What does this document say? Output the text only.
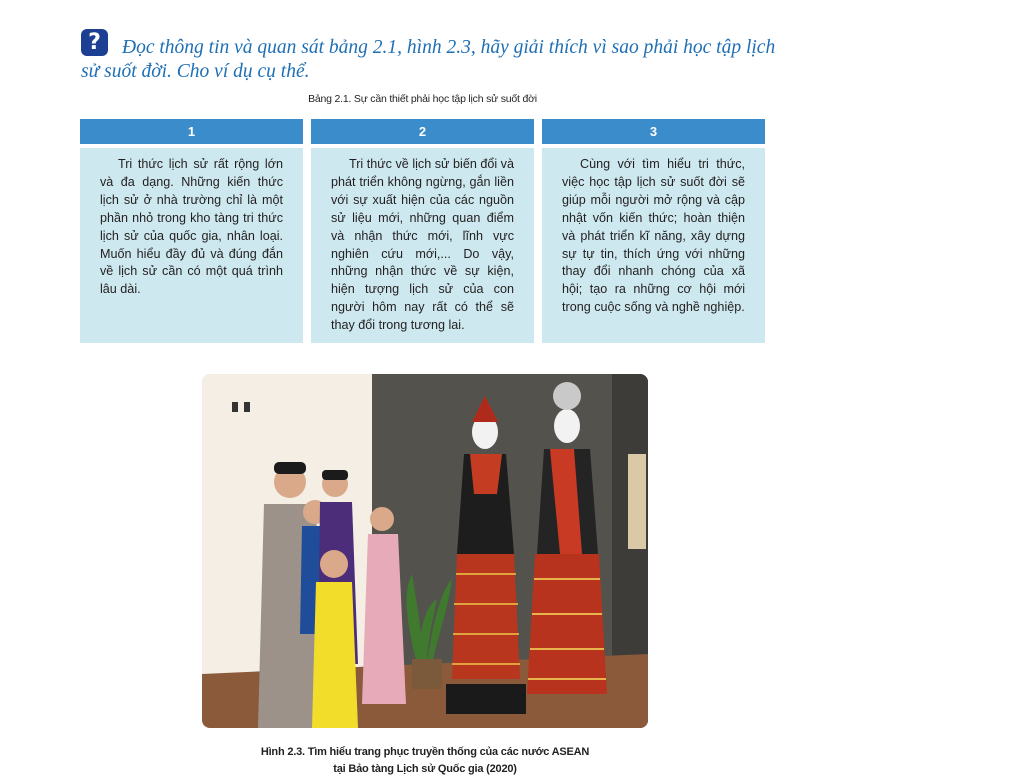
?	Đọc thông tin và quan sát bảng 2.1, hình 2.3, hãy giải thích vì sao phải học tập lịch sử suốt đời. Cho ví dụ cụ thể.

Bảng 2.1. Sự cần thiết phải học tập lịch sử suốt đời
1
Tri thức lịch sử rất rộng lớn và đa dạng. Những kiến thức lịch sử ở nhà trường chỉ là một phần nhỏ trong kho tàng tri thức lịch sử của quốc gia, nhân loại. Muốn hiểu đầy đủ và đúng đắn về lịch sử cần có một quá trình lâu dài.
2
Tri thức về lịch sử biến đổi và phát triển không ngừng, gắn liền với sự xuất hiện của các nguồn sử liệu mới, những quan điểm và nhận thức mới, lĩnh vực nghiên cứu mới,... Do vậy, những nhận thức về sự kiện, hiện tượng lịch sử của con người hôm nay rất có thể sẽ thay đổi trong tương lai.
3
Cùng với tìm hiểu tri thức, việc học tập lịch sử suốt đời sẽ giúp mỗi người mở rộng và cập nhật vốn kiến thức; hoàn thiện và phát triển kĩ năng, xây dựng sự tự tin, thích ứng với những thay đổi nhanh chóng của xã hội; tạo ra những cơ hội mới trong cuộc sống và nghề nghiệp.
Hình 2.3. Tìm hiểu trang phục truyền thống của các nước ASEAN
tại Bảo tàng Lịch sử Quốc gia (2020)
